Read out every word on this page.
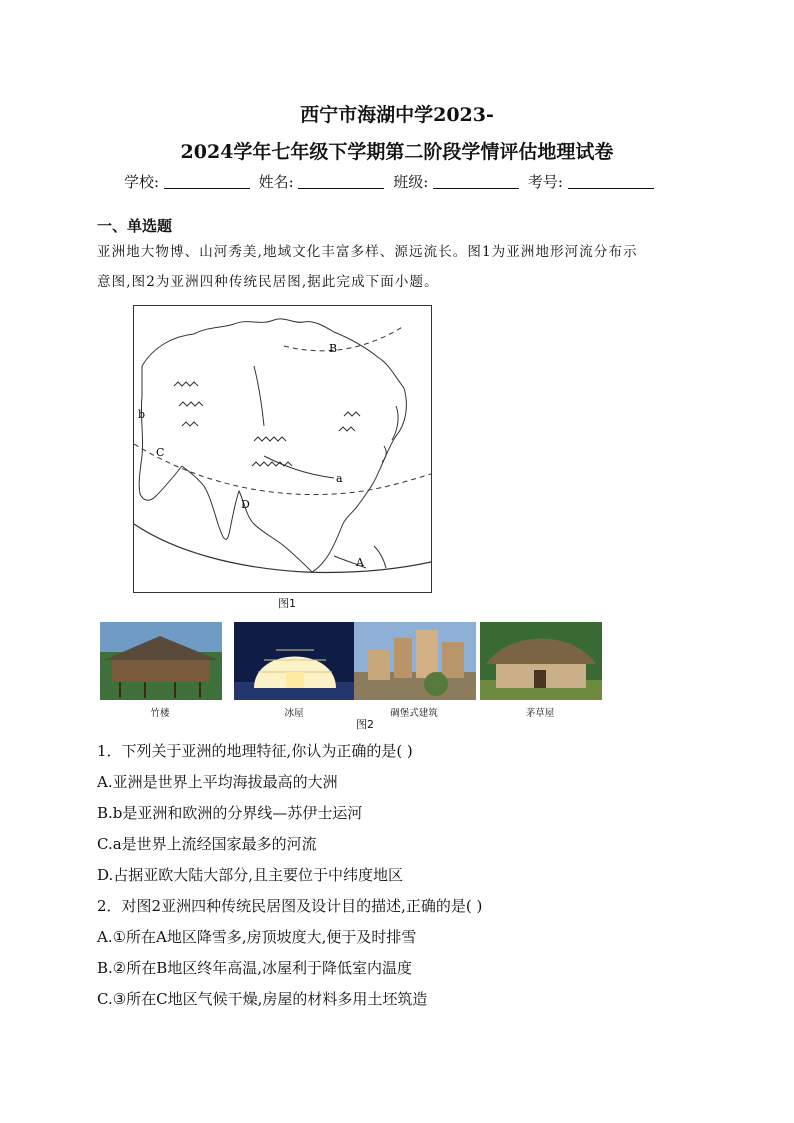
西宁市海湖中学2023-
2024学年七年级下学期第二阶段学情评估地理试卷
学校:	姓名:	班级:	考号:
一、单选题
亚洲地大物博、山河秀美,地域文化丰富多样、源远流长。图1为亚洲地形河流分布示
意图,图2为亚洲四种传统民居图,据此完成下面小题。
B
b
C
D
a
A
图1
竹楼	冰屋	碉堡式建筑	茅草屋
图2
1．下列关于亚洲的地理特征,你认为正确的是( )
A.亚洲是世界上平均海拔最高的大洲
B.b是亚洲和欧洲的分界线—苏伊士运河
C.a是世界上流经国家最多的河流
D.占据亚欧大陆大部分,且主要位于中纬度地区
2．对图2亚洲四种传统民居图及设计目的描述,正确的是( )
A.①所在A地区降雪多,房顶坡度大,便于及时排雪
B.②所在B地区终年高温,冰屋利于降低室内温度
C.③所在C地区气候干燥,房屋的材料多用土坯筑造
